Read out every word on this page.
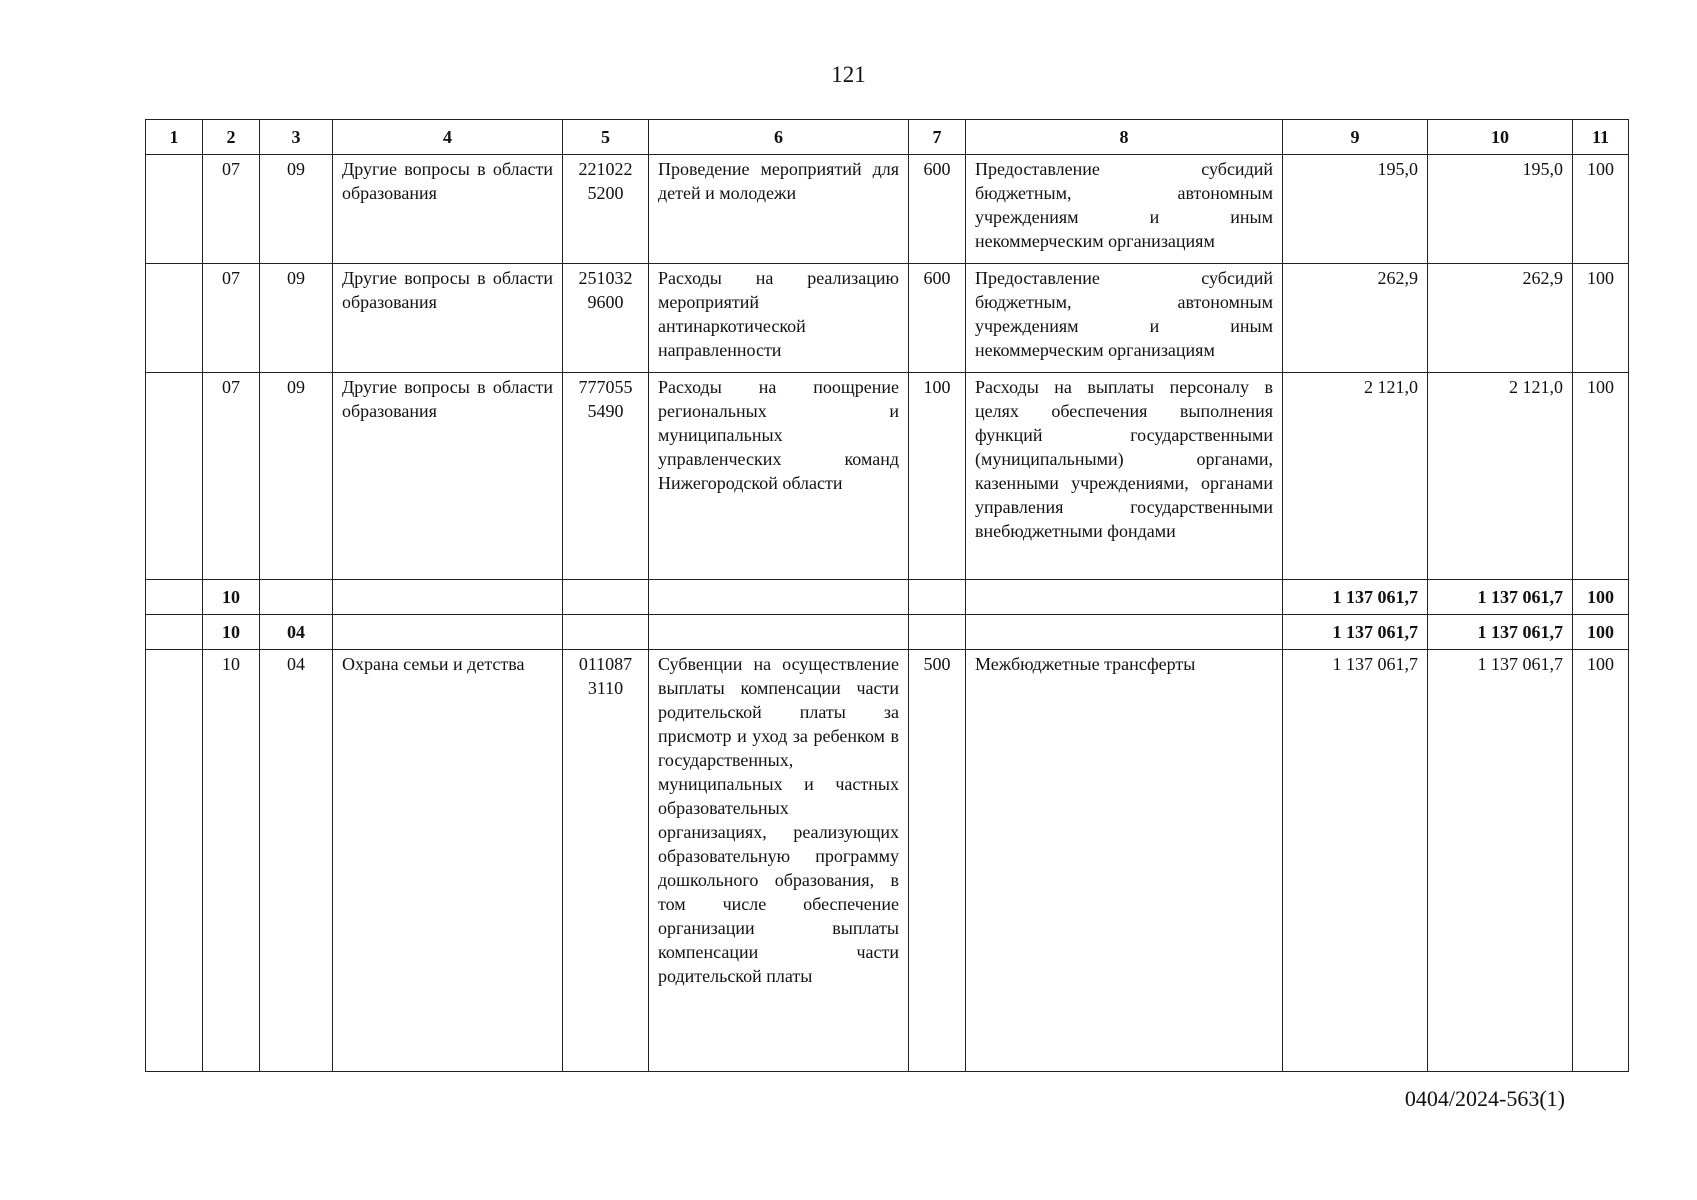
121
1	2	3	4	5	6	7	8	9	10	11
	07	09	Другие вопросы в области образования	221022 5200	Проведение мероприятий для детей и молодежи	600	Предоставление субсидий бюджетным, автономным учреждениям и иным некоммерческим организациям	195,0	195,0	100
	07	09	Другие вопросы в области образования	251032 9600	Расходы на реализацию мероприятий антинаркотической направленности	600	Предоставление субсидий бюджетным, автономным учреждениям и иным некоммерческим организациям	262,9	262,9	100
	07	09	Другие вопросы в области образования	777055 5490	Расходы на поощрение региональных и муниципальных управленческих команд Нижегородской области	100	Расходы на выплаты персоналу в целях обеспечения выполнения функций государственными (муниципальными) органами, казенными учреждениями, органами управления государственными внебюджетными фондами	2 121,0	2 121,0	100
	10							1 137 061,7	1 137 061,7	100
	10	04						1 137 061,7	1 137 061,7	100
	10	04	Охрана семьи и детства	011087 3110	Субвенции на осуществление выплаты компенсации части родительской платы за присмотр и уход за ребенком в государственных, муниципальных и частных образовательных организациях, реализующих образовательную программу дошкольного образования, в том числе обеспечение организации выплаты компенсации части родительской платы	500	Межбюджетные трансферты	1 137 061,7	1 137 061,7	100
0404/2024-563(1)
